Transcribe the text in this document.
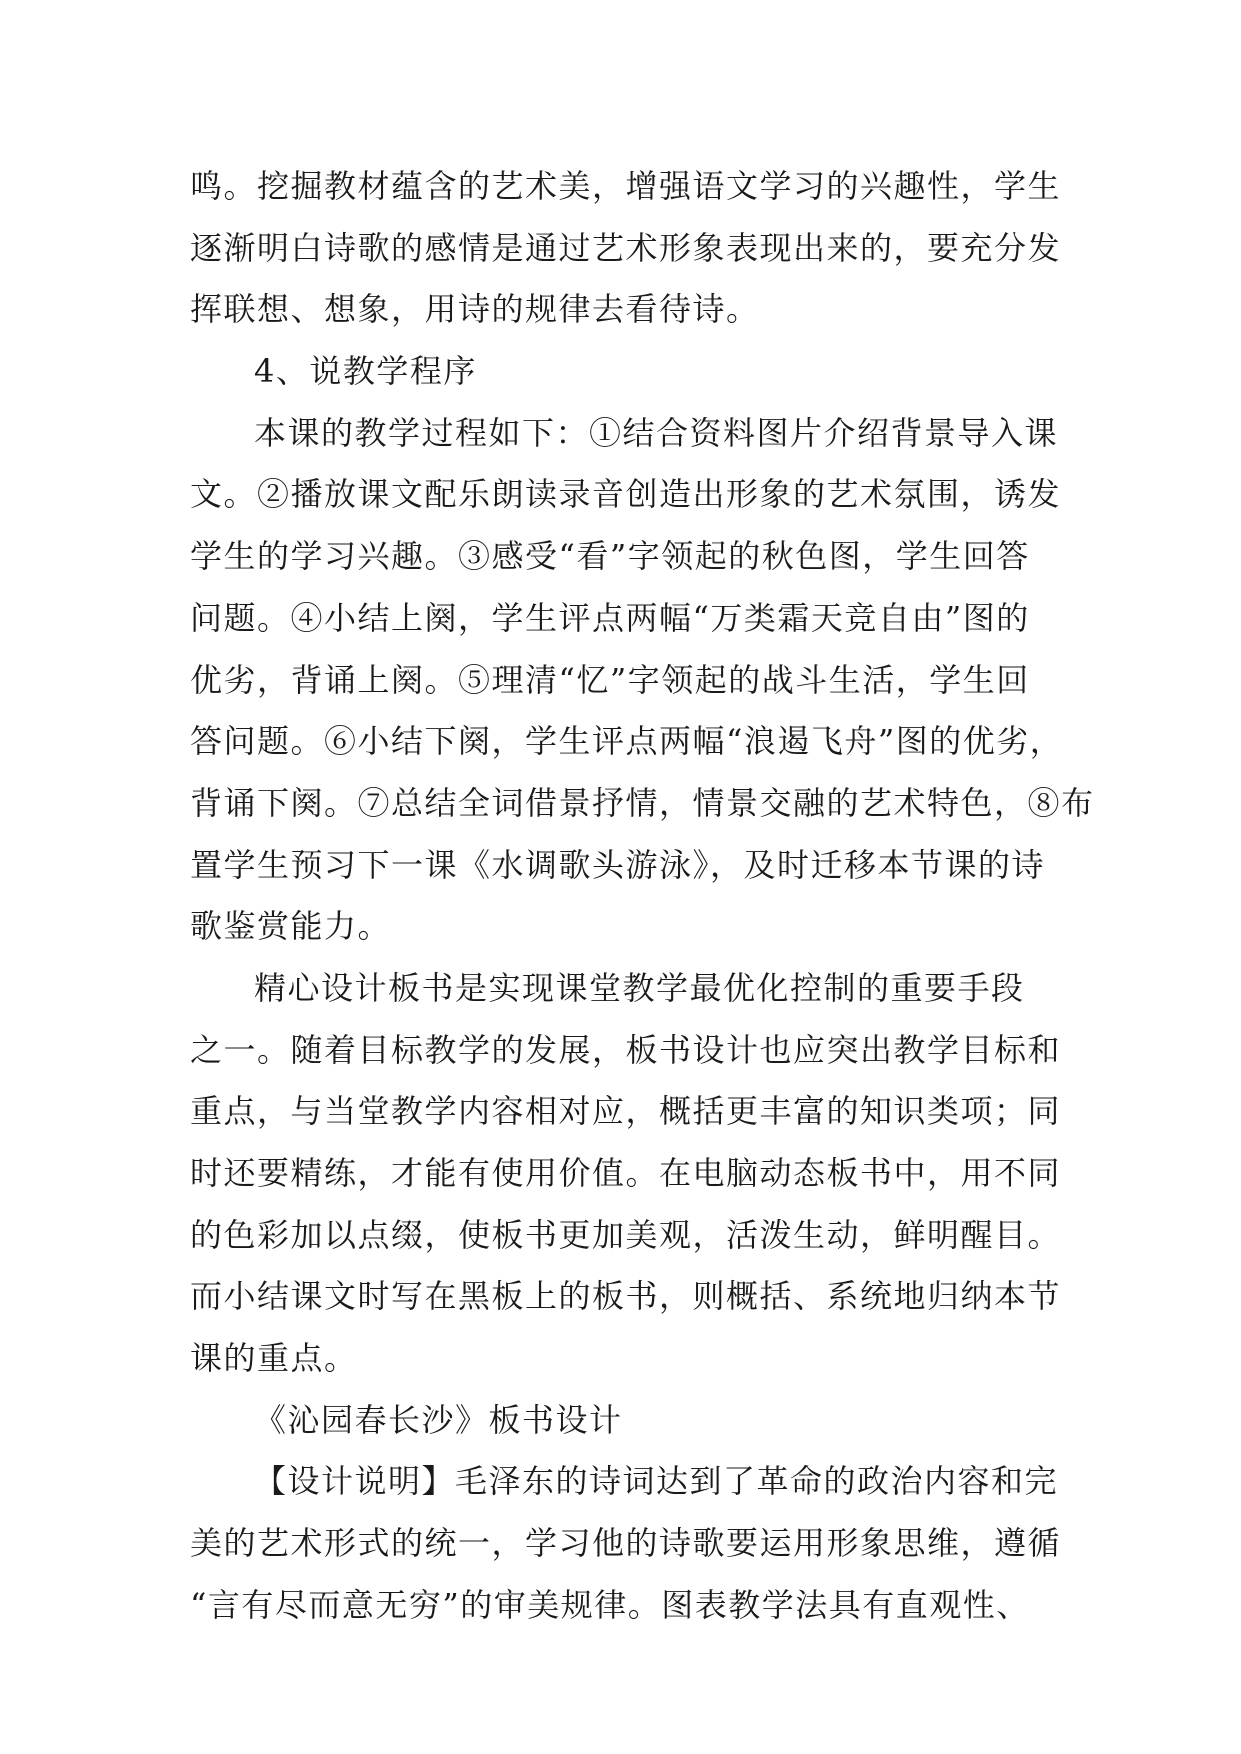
鸣。挖掘教材蕴含的艺术美，增强语文学习的兴趣性，学生
逐渐明白诗歌的感情是通过艺术形象表现出来的，要充分发
挥联想、想象，用诗的规律去看待诗。
4、说教学程序
本课的教学过程如下：①结合资料图片介绍背景导入课
文。②播放课文配乐朗读录音创造出形象的艺术氛围，诱发
学生的学习兴趣。③感受“看”字领起的秋色图，学生回答
问题。④小结上阕，学生评点两幅“万类霜天竞自由”图的
优劣，背诵上阕。⑤理清“忆”字领起的战斗生活，学生回
答问题。⑥小结下阕，学生评点两幅“浪遏飞舟”图的优劣，
背诵下阕。⑦总结全词借景抒情，情景交融的艺术特色，⑧布
置学生预习下一课《水调歌头游泳》，及时迁移本节课的诗
歌鉴赏能力。
精心设计板书是实现课堂教学最优化控制的重要手段
之一。随着目标教学的发展，板书设计也应突出教学目标和
重点，与当堂教学内容相对应，概括更丰富的知识类项；同
时还要精练，才能有使用价值。在电脑动态板书中，用不同
的色彩加以点缀，使板书更加美观，活泼生动，鲜明醒目。
而小结课文时写在黑板上的板书，则概括、系统地归纳本节
课的重点。
《沁园春长沙》板书设计
【设计说明】毛泽东的诗词达到了革命的政治内容和完
美的艺术形式的统一，学习他的诗歌要运用形象思维，遵循
“言有尽而意无穷”的审美规律。图表教学法具有直观性、
